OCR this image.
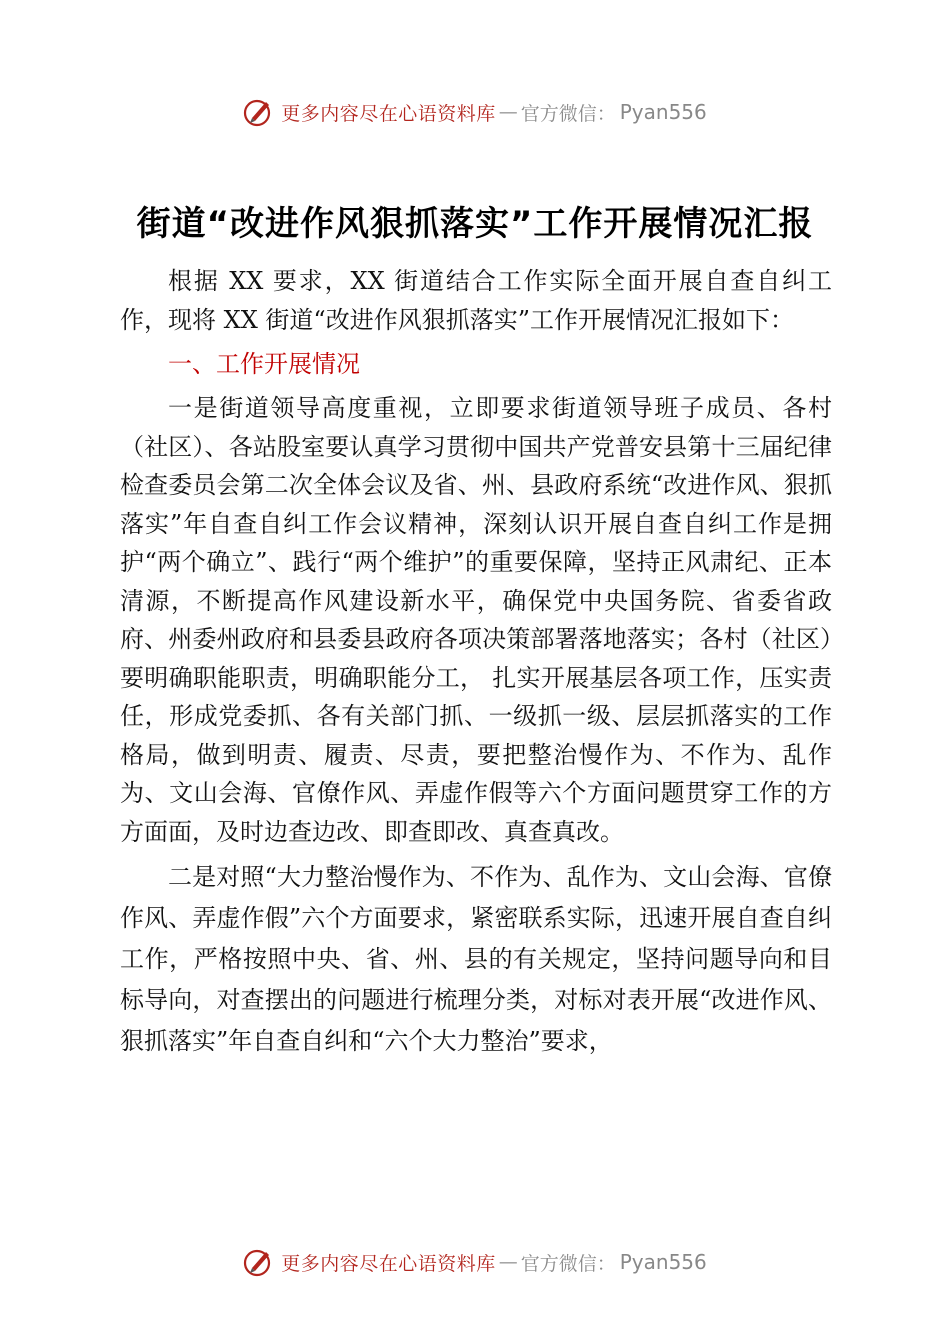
更多内容尽在心语资料库 — 官方微信： Pyan556
街道“改进作风狠抓落实”工作开展情况汇报

根据 XX 要求，XX 街道结合工作实际全面开展自查自纠工作，现将 XX 街道“改进作风狠抓落实”工作开展情况汇报如下：

一、工作开展情况

一是街道领导高度重视，立即要求街道领导班子成员、各村（社区）、各站股室要认真学习贯彻中国共产党普安县第十三届纪律检查委员会第二次全体会议及省、州、县政府系统“改进作风、狠抓落实”年自查自纠工作会议精神，深刻认识开展自查自纠工作是拥护“两个确立”、践行“两个维护”的重要保障，坚持正风肃纪、正本清源，不断提高作风建设新水平，确保党中央国务院、省委省政府、州委州政府和县委县政府各项决策部署落地落实；各村（社区）要明确职能职责，明确职能分工， 扎实开展基层各项工作，压实责任，形成党委抓、各有关部门抓、一级抓一级、层层抓落实的工作格局，做到明责、履责、尽责，要把整治慢作为、不作为、乱作为、文山会海、官僚作风、弄虚作假等六个方面问题贯穿工作的方方面面，及时边查边改、即查即改、真查真改。

二是对照“大力整治慢作为、不作为、乱作为、文山会海、官僚作风、弄虚作假”六个方面要求，紧密联系实际，迅速开展自查自纠工作，严格按照中央、省、州、县的有关规定，坚持问题导向和目标导向，对查摆出的问题进行梳理分类，对标对表开展“改进作风、狠抓落实”年自查自纠和“六个大力整治”要求，

更多内容尽在心语资料库 — 官方微信： Pyan556
